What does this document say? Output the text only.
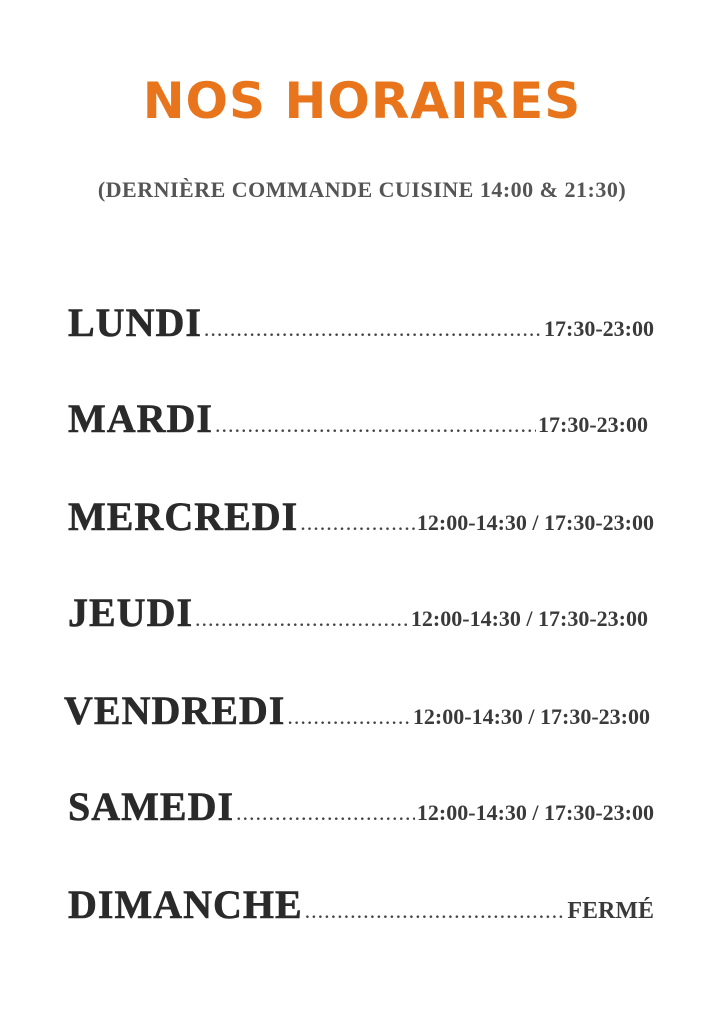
NOS HORAIRES
(DERNIÈRE COMMANDE CUISINE 14:00 & 21:30)
LUNDI .....	17:30-23:00
MARDI .....	17:30-23:00
MERCREDI .....	12:00-14:30 / 17:30-23:00
JEUDI .....	12:00-14:30 / 17:30-23:00
VENDREDI .....	12:00-14:30 / 17:30-23:00
SAMEDI .....	12:00-14:30 / 17:30-23:00
DIMANCHE .....	FERMÉ
